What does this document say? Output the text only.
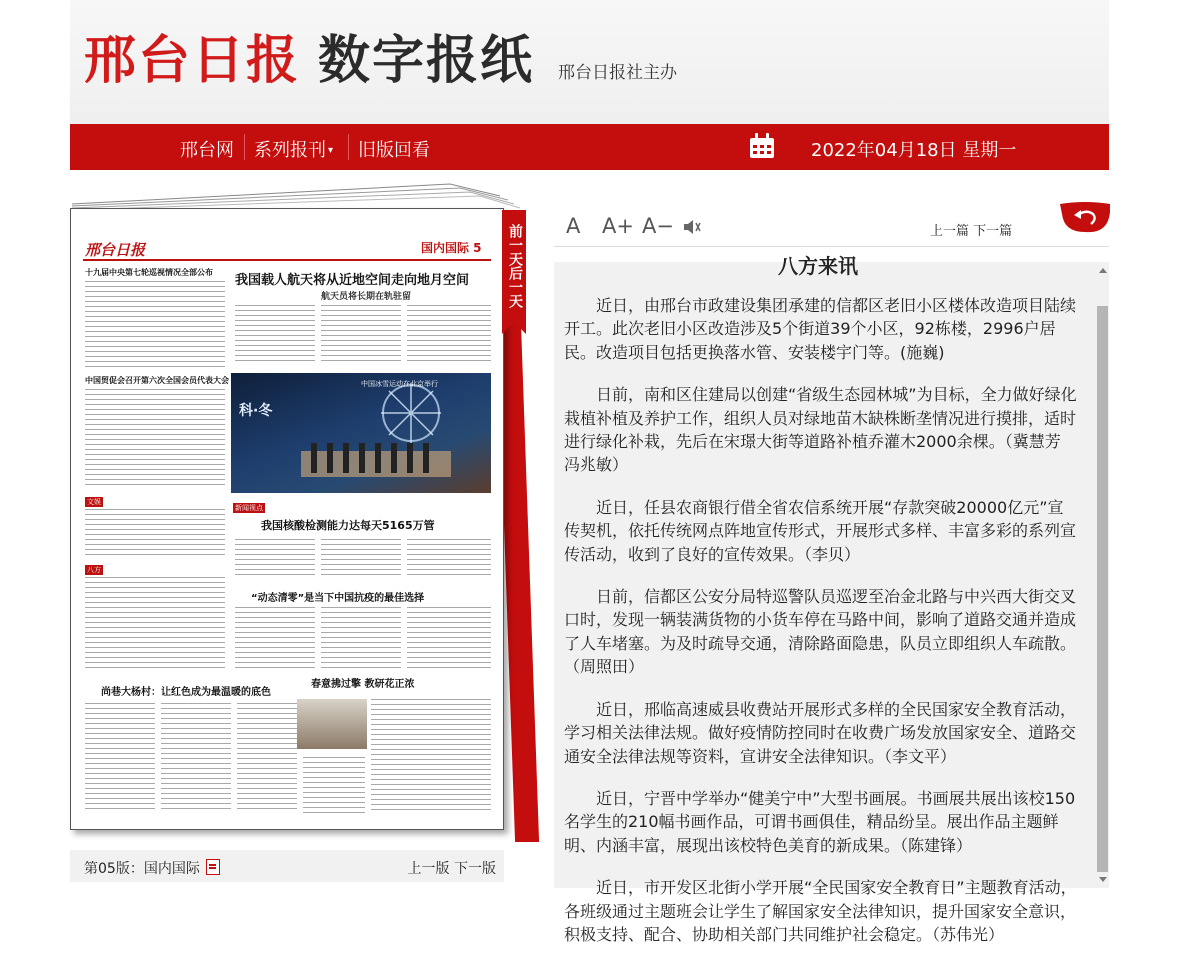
邢台日报 数字报纸 邢台日报社主办
邢台网 系列报刊 ▾ 旧版回看	2022年04月18日 星期一
邢台日报	国内国际 5
十九届中央第七轮巡视情况全部公布
中国贸促会召开第六次全国会员代表大会
文娱
八方
我国载人航天将从近地空间走向地月空间
航天员将长期在轨驻留
科·冬
中国冰雪运动在北京举行
新闻视点
我国核酸检测能力达每天5165万管
“动态清零”是当下中国抗疫的最佳选择
尚巷大杨村：让红色成为最温暖的底色
春意拂过擎 教研花正浓
前一天后一天
第05版：国内国际	上一版 下一版
A A+ A−	上一篇 下一篇
八方来讯

近日，由邢台市政建设集团承建的信都区老旧小区楼体改造项目陆续开工。此次老旧小区改造涉及5个街道39个小区，92栋楼，2996户居民。改造项目包括更换落水管、安装楼宇门等。(施巍)

日前，南和区住建局以创建“省级生态园林城”为目标，全力做好绿化栽植补植及养护工作，组织人员对绿地苗木缺株断垄情况进行摸排，适时进行绿化补栽，先后在宋璟大街等道路补植乔灌木2000余棵。（冀慧芳 冯兆敏）

近日，任县农商银行借全省农信系统开展“存款突破20000亿元”宣传契机，依托传统网点阵地宣传形式，开展形式多样、丰富多彩的系列宣传活动，收到了良好的宣传效果。（李贝）

日前，信都区公安分局特巡警队员巡逻至冶金北路与中兴西大街交叉口时，发现一辆装满货物的小货车停在马路中间，影响了道路交通并造成了人车堵塞。为及时疏导交通，清除路面隐患，队员立即组织人车疏散。（周照田）

近日，邢临高速威县收费站开展形式多样的全民国家安全教育活动，学习相关法律法规。做好疫情防控同时在收费广场发放国家安全、道路交通安全法律法规等资料，宣讲安全法律知识。（李文平）

近日，宁晋中学举办“健美宁中”大型书画展。书画展共展出该校150名学生的210幅书画作品，可谓书画俱佳，精品纷呈。展出作品主题鲜明、内涵丰富，展现出该校特色美育的新成果。（陈建锋）

近日，市开发区北街小学开展“全民国家安全教育日”主题教育活动，各班级通过主题班会让学生了解国家安全法律知识，提升国家安全意识，积极支持、配合、协助相关部门共同维护社会稳定。（苏伟光）
